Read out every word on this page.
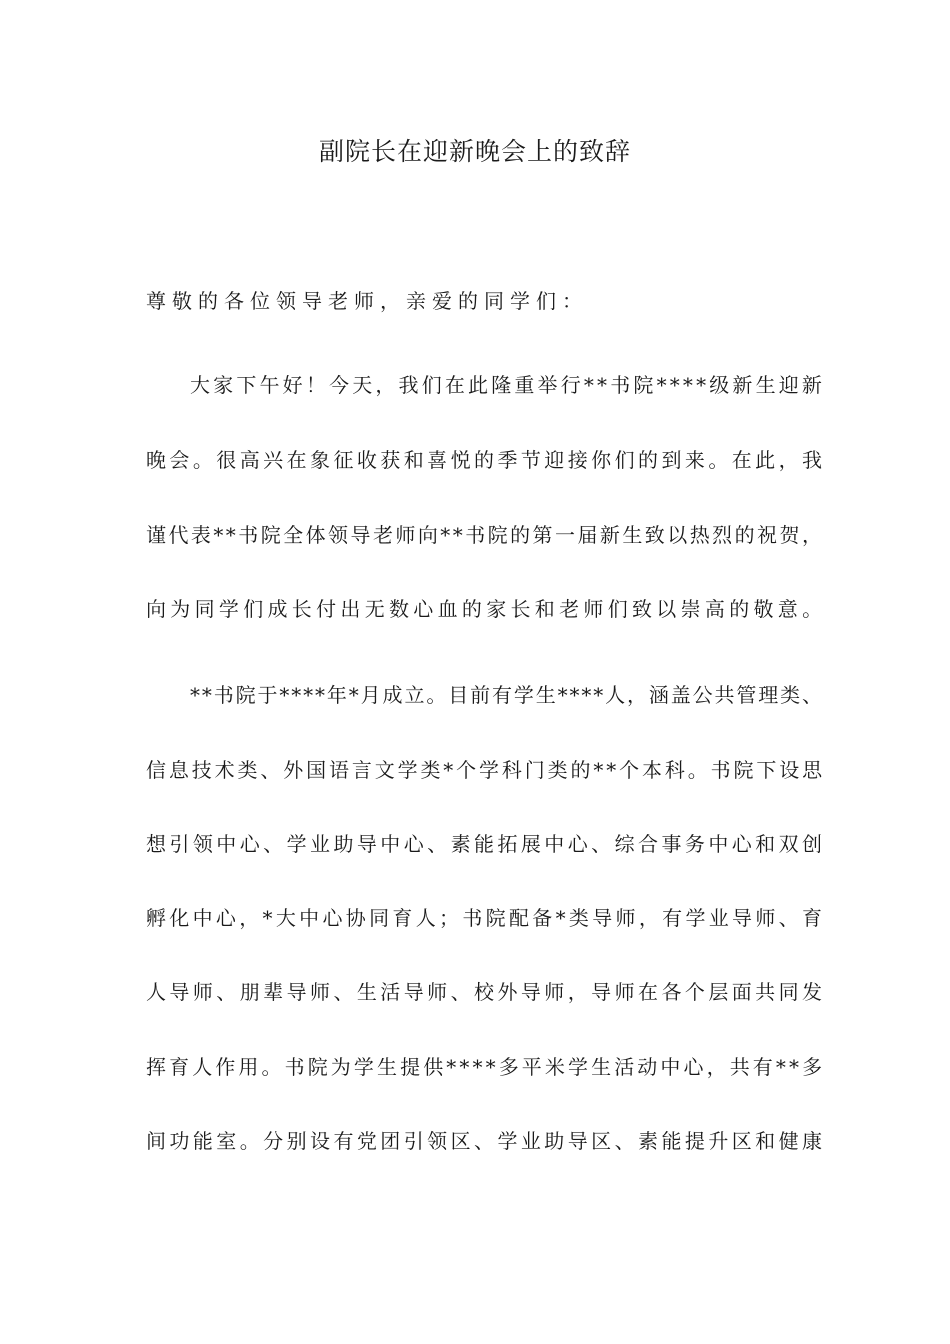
副院长在迎新晚会上的致辞
尊敬的各位领导老师，亲爱的同学们：
大家下午好！今天，我们在此隆重举行**书院****级新生迎新
晚会。很高兴在象征收获和喜悦的季节迎接你们的到来。在此，我
谨代表**书院全体领导老师向**书院的第一届新生致以热烈的祝贺，
向为同学们成长付出无数心血的家长和老师们致以崇高的敬意。
**书院于****年*月成立。目前有学生****人，涵盖公共管理类、
信息技术类、外国语言文学类*个学科门类的**个本科。书院下设思
想引领中心、学业助导中心、素能拓展中心、综合事务中心和双创
孵化中心，*大中心协同育人；书院配备*类导师，有学业导师、育
人导师、朋辈导师、生活导师、校外导师，导师在各个层面共同发
挥育人作用。书院为学生提供****多平米学生活动中心，共有**多
间功能室。分别设有党团引领区、学业助导区、素能提升区和健康
